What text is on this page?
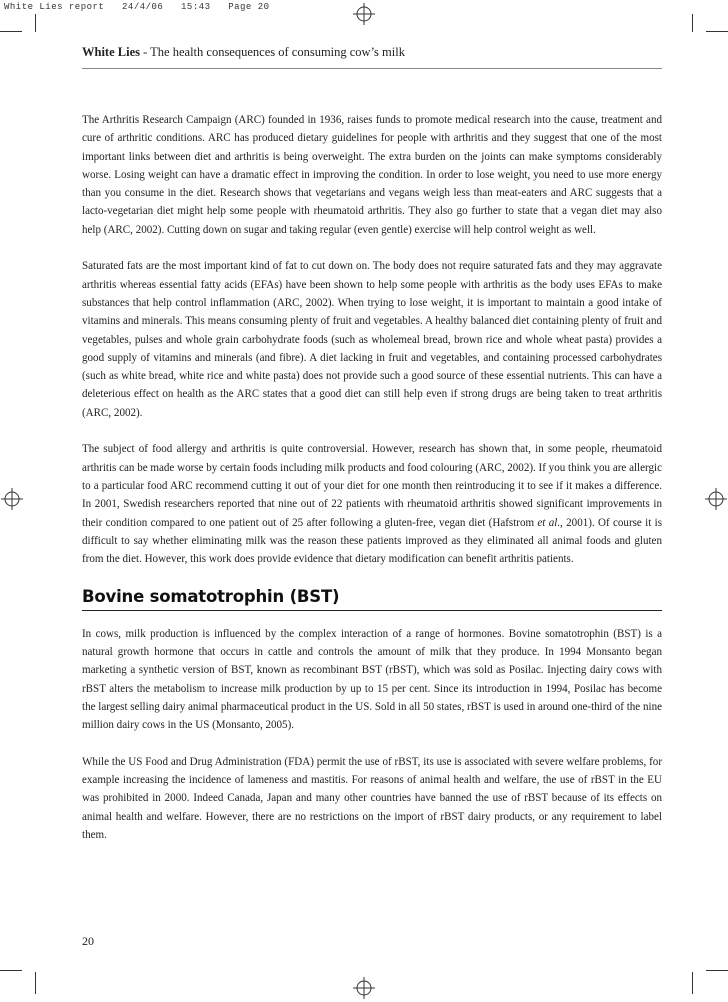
White Lies report   24/4/06   15:43   Page 20
White Lies - The health consequences of consuming cow’s milk

The Arthritis Research Campaign (ARC) founded in 1936, raises funds to promote medical research into the cause, treatment and cure of arthritic conditions. ARC has produced dietary guidelines for people with arthritis and they suggest that one of the most important links between diet and arthritis is being overweight. The extra burden on the joints can make symptoms considerably worse. Losing weight can have a dramatic effect in improving the condition. In order to lose weight, you need to use more energy than you consume in the diet. Research shows that vegetarians and vegans weigh less than meat-eaters and ARC suggests that a lacto-vegetarian diet might help some people with rheumatoid arthritis. They also go further to state that a vegan diet may also help (ARC, 2002). Cutting down on sugar and taking regular (even gentle) exercise will help control weight as well.

Saturated fats are the most important kind of fat to cut down on. The body does not require saturated fats and they may aggravate arthritis whereas essential fatty acids (EFAs) have been shown to help some people with arthritis as the body uses EFAs to make substances that help control inflammation (ARC, 2002). When trying to lose weight, it is important to maintain a good intake of vitamins and minerals. This means consuming plenty of fruit and vegetables. A healthy balanced diet containing plenty of fruit and vegetables, pulses and whole grain carbohydrate foods (such as wholemeal bread, brown rice and whole wheat pasta) provides a good supply of vitamins and minerals (and fibre). A diet lacking in fruit and vegetables, and containing processed carbohydrates (such as white bread, white rice and white pasta) does not provide such a good source of these essential nutrients. This can have a deleterious effect on health as the ARC states that a good diet can still help even if strong drugs are being taken to treat arthritis (ARC, 2002).

The subject of food allergy and arthritis is quite controversial. However, research has shown that, in some people, rheumatoid arthritis can be made worse by certain foods including milk products and food colouring (ARC, 2002). If you think you are allergic to a particular food ARC recommend cutting it out of your diet for one month then reintroducing it to see if it makes a difference. In 2001, Swedish researchers reported that nine out of 22 patients with rheumatoid arthritis showed significant improvements in their condition compared to one patient out of 25 after following a gluten-free, vegan diet (Hafstrom et al., 2001). Of course it is difficult to say whether eliminating milk was the reason these patients improved as they eliminated all animal foods and gluten from the diet. However, this work does provide evidence that dietary modification can benefit arthritis patients.

Bovine somatotrophin (BST)

In cows, milk production is influenced by the complex interaction of a range of hormones. Bovine somatotrophin (BST) is a natural growth hormone that occurs in cattle and controls the amount of milk that they produce. In 1994 Monsanto began marketing a synthetic version of BST, known as recombinant BST (rBST), which was sold as Posilac. Injecting dairy cows with rBST alters the metabolism to increase milk production by up to 15 per cent. Since its introduction in 1994, Posilac has become the largest selling dairy animal pharmaceutical product in the US. Sold in all 50 states, rBST is used in around one-third of the nine million dairy cows in the US (Monsanto, 2005).

While the US Food and Drug Administration (FDA) permit the use of rBST, its use is associated with severe welfare problems, for example increasing the incidence of lameness and mastitis. For reasons of animal health and welfare, the use of rBST in the EU was prohibited in 2000. Indeed Canada, Japan and many other countries have banned the use of rBST because of its effects on animal health and welfare. However, there are no restrictions on the import of rBST dairy products, or any requirement to label them.

20
